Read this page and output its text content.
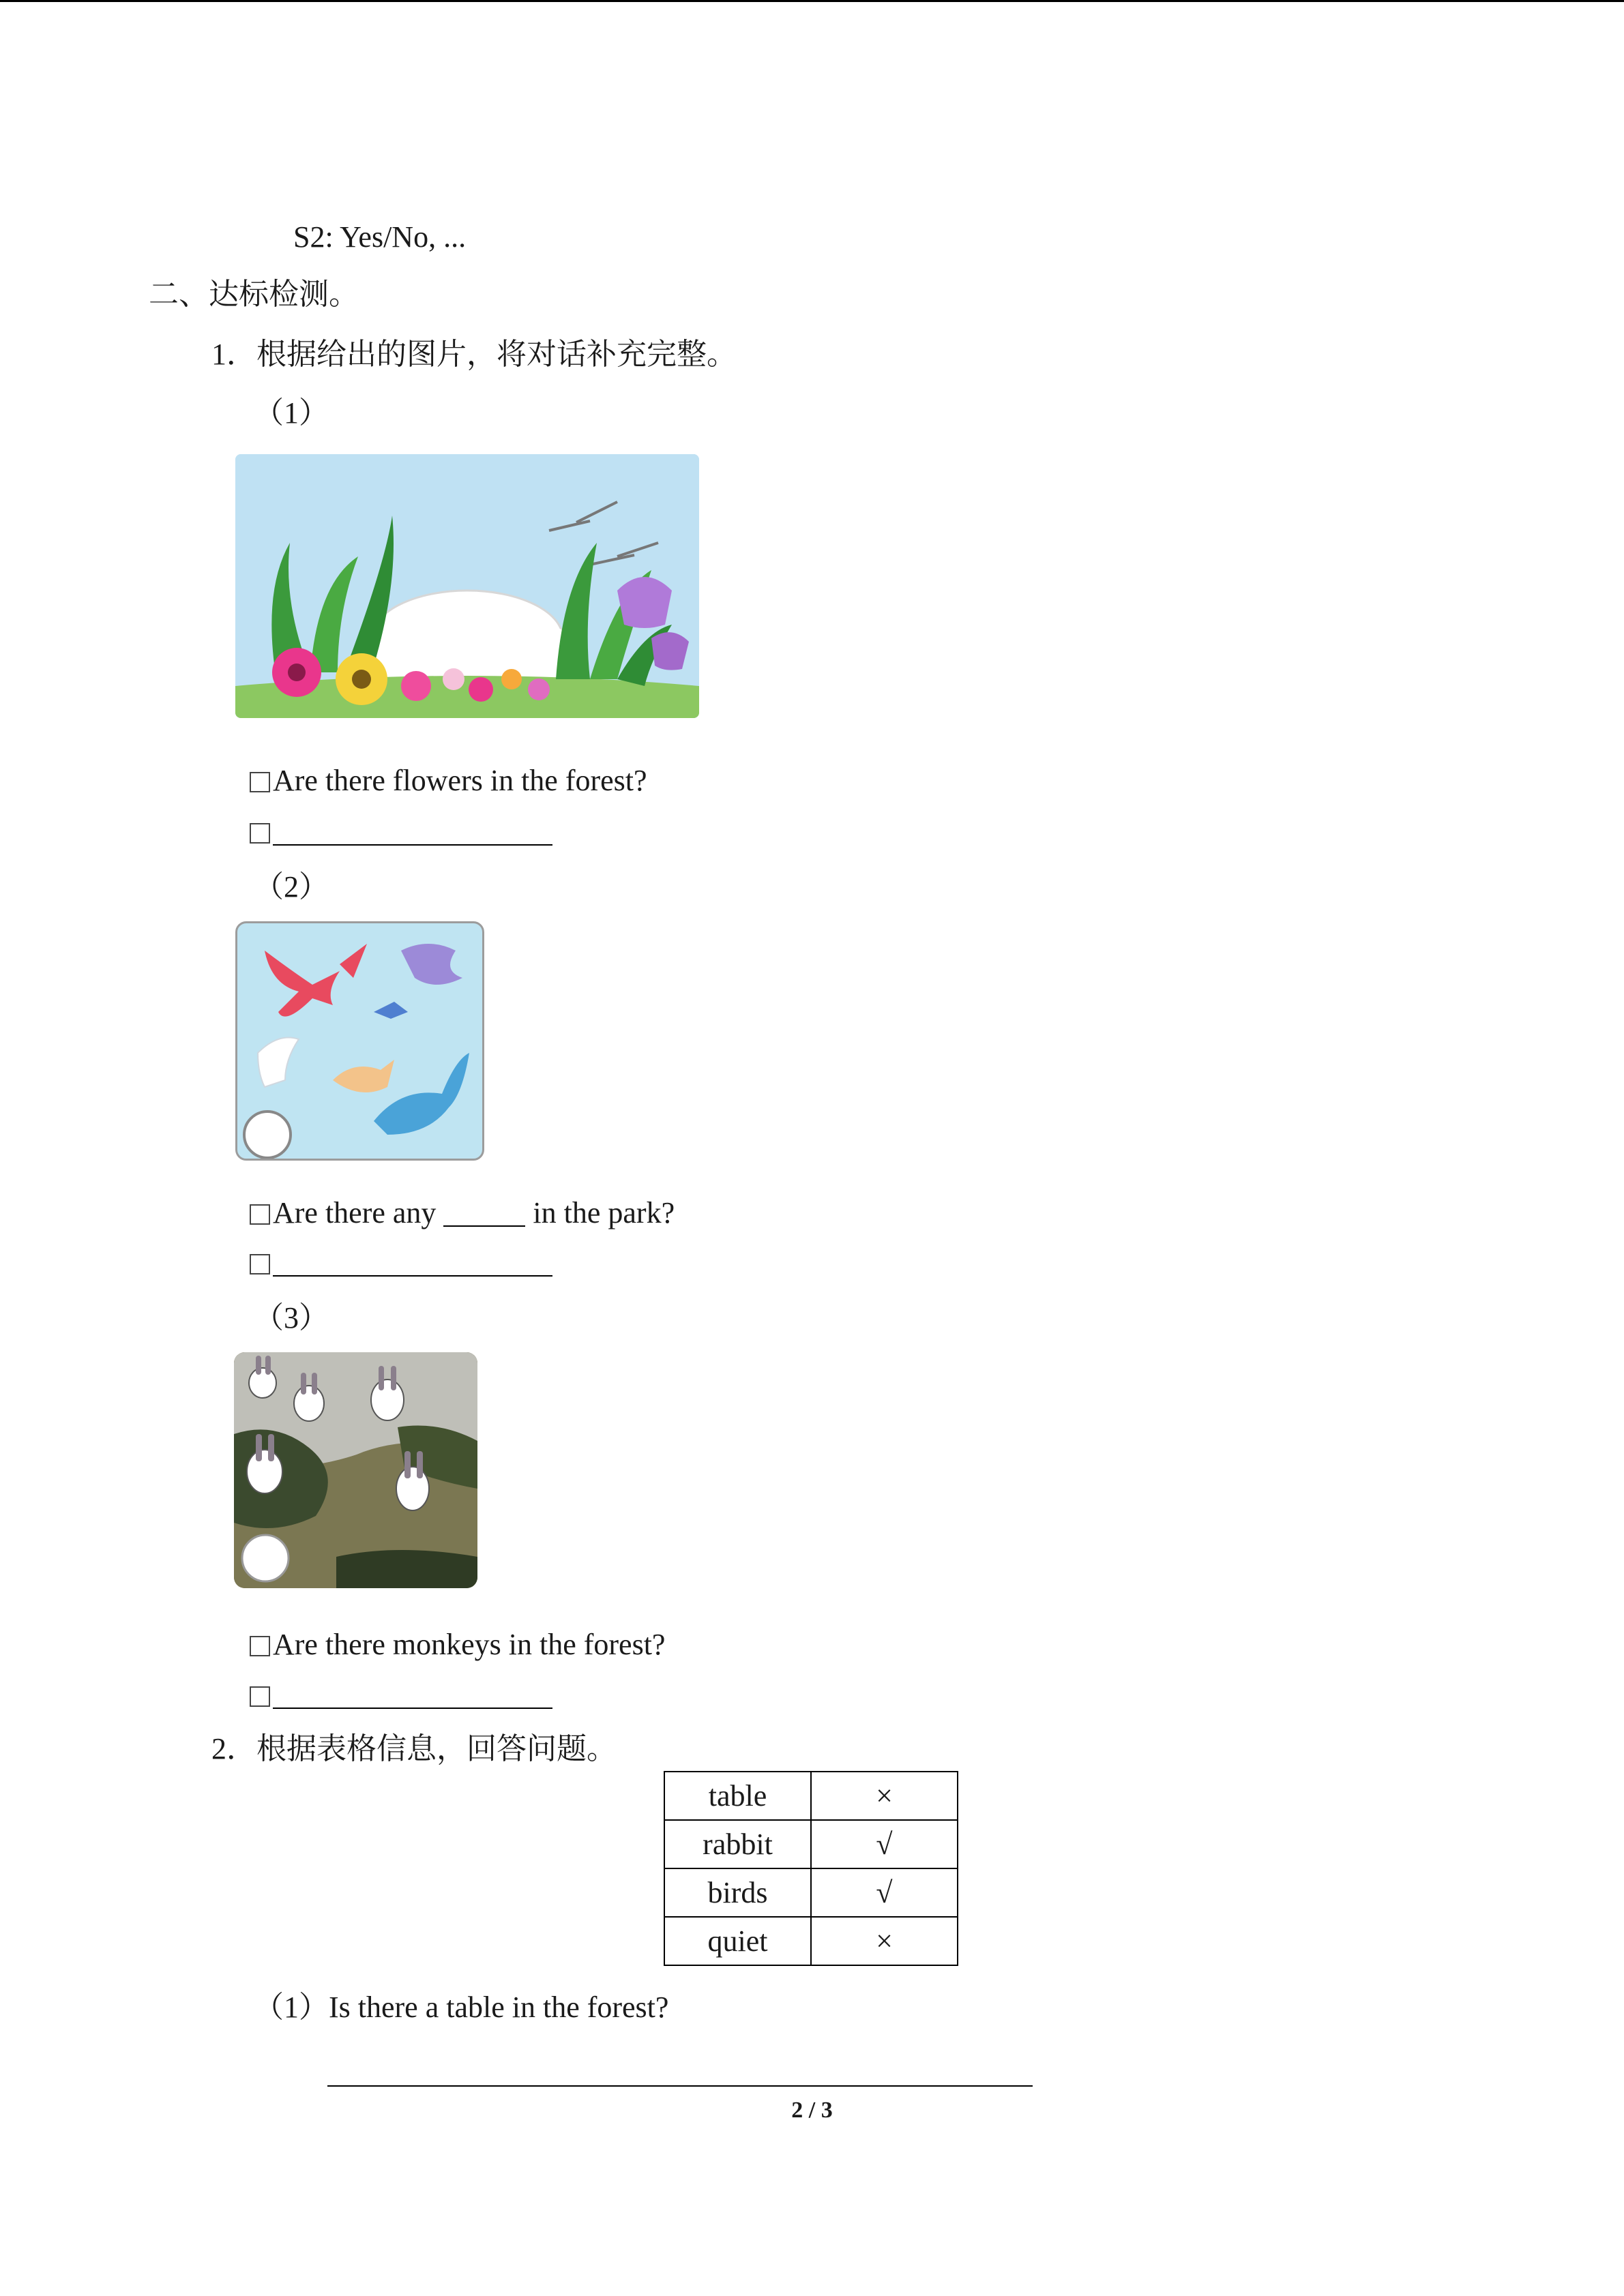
S2: Yes/No, ...
二、达标检测。
1．根据给出的图片，将对话补充完整。
（1）
Are there flowers in the forest?
（2）
Are there any	in the park?
（3）
Are there monkeys in the forest?
2．根据表格信息，回答问题。
table	×
rabbit	√
birds	√
quiet	×
（1）Is there a table in the forest?
2 / 3
